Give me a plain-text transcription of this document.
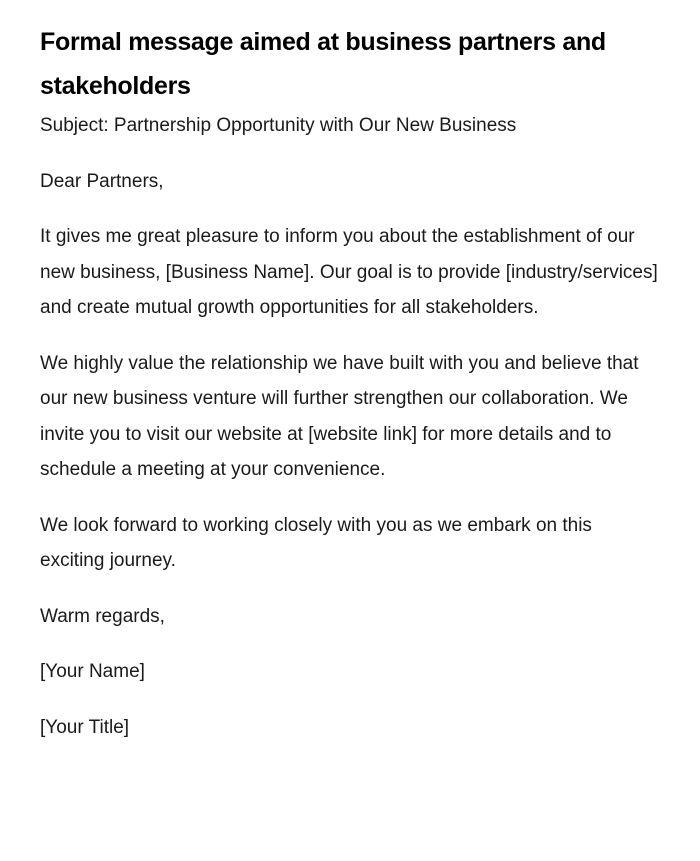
Formal message aimed at business partners and stakeholders

Subject: Partnership Opportunity with Our New Business

Dear Partners,

It gives me great pleasure to inform you about the establishment of our new business, [Business Name]. Our goal is to provide [industry/services] and create mutual growth opportunities for all stakeholders.

We highly value the relationship we have built with you and believe that our new business venture will further strengthen our collaboration. We invite you to visit our website at [website link] for more details and to schedule a meeting at your convenience.

We look forward to working closely with you as we embark on this exciting journey.

Warm regards,

[Your Name]

[Your Title]
